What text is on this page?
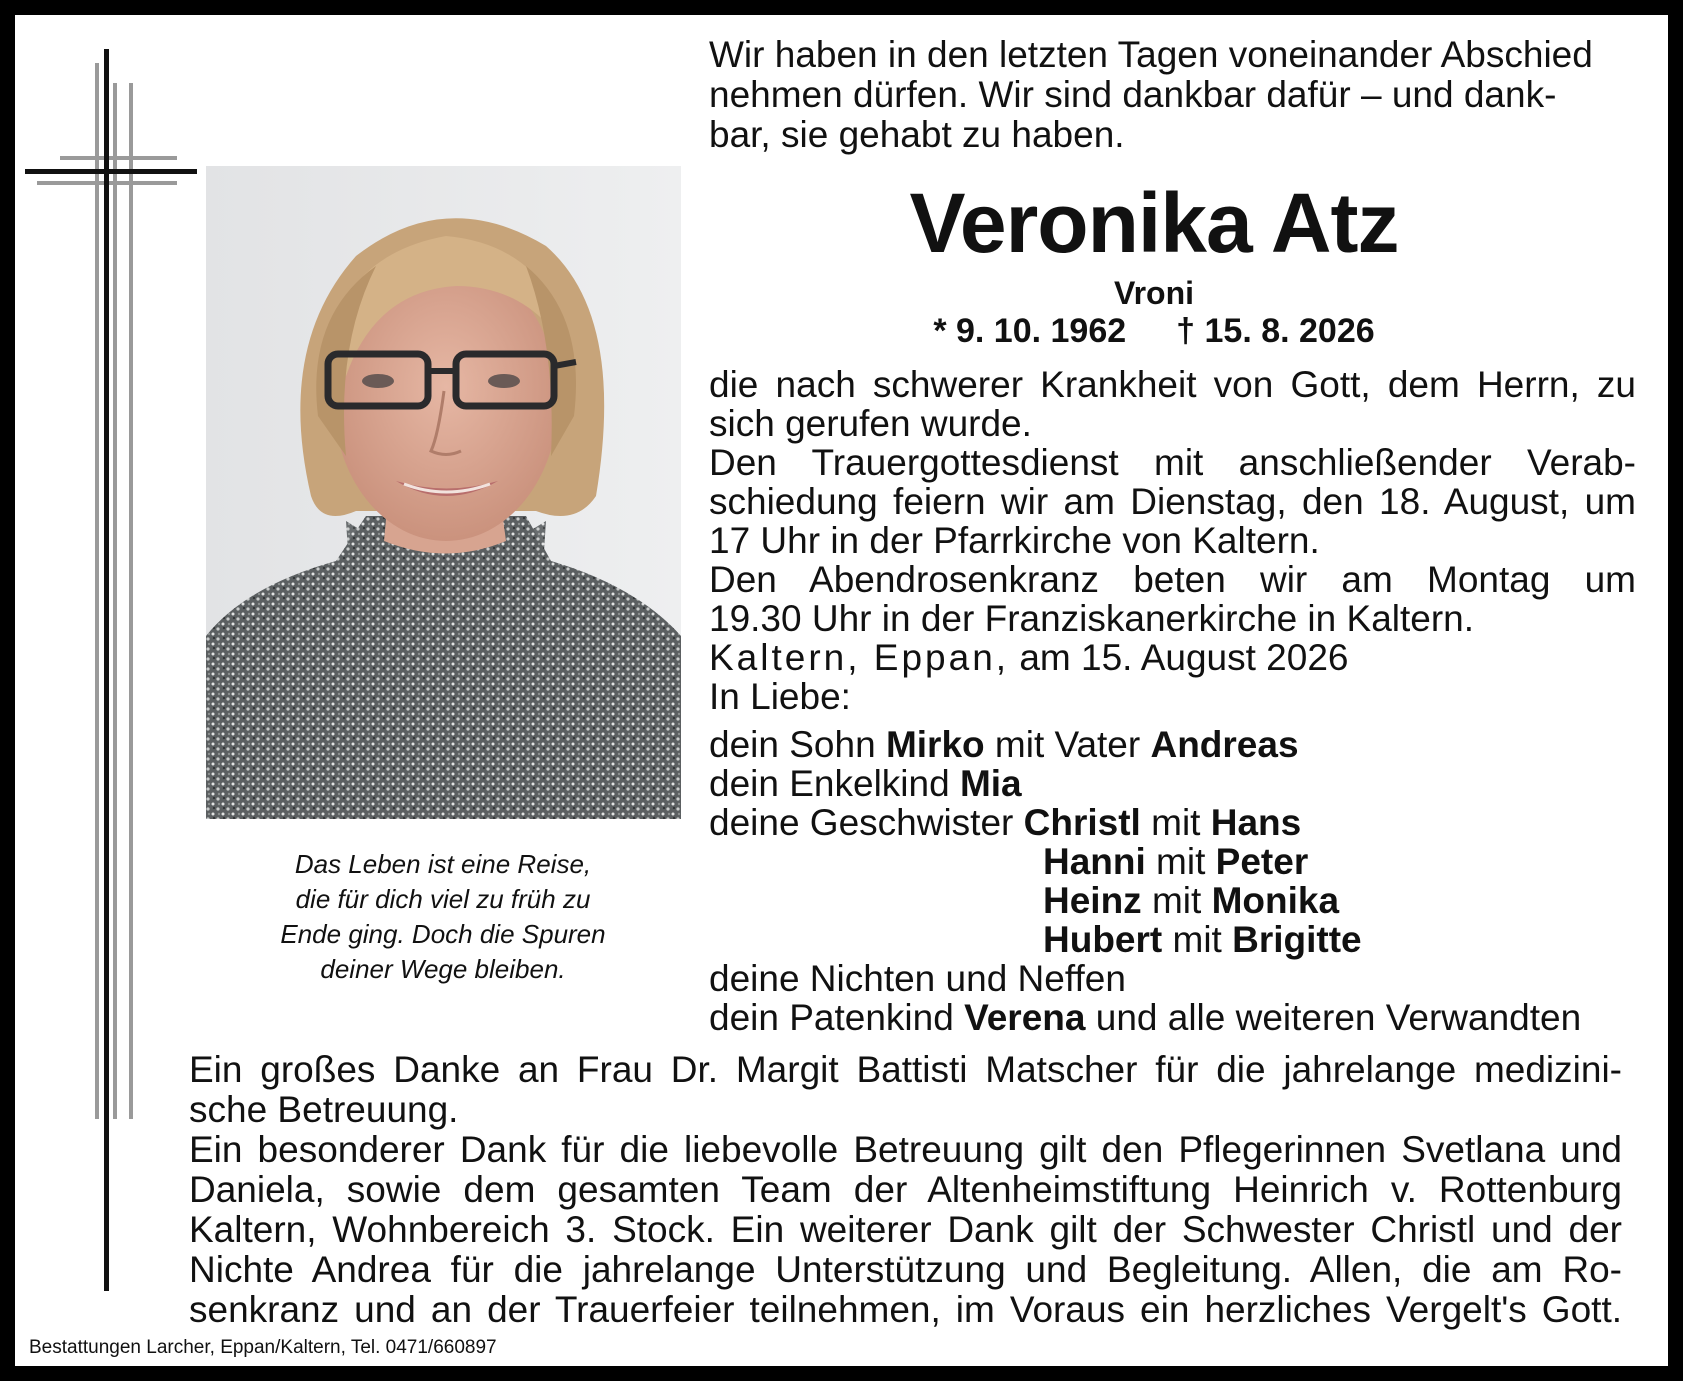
Wir haben in den letzten Tagen voneinander Abschied
nehmen dürfen. Wir sind dankbar dafür – und dank-
bar, sie gehabt zu haben.
Veronika Atz
Vroni
* 9. 10. 1962 † 15. 8. 2026
die nach schwerer Krankheit von Gott, dem Herrn, zu
sich gerufen wurde.
Den Trauergottesdienst mit anschließender Verab-
schiedung feiern wir am Dienstag, den 18. August, um
17 Uhr in der Pfarrkirche von Kaltern.
Den Abendrosenkranz beten wir am Montag um
19.30 Uhr in der Franziskanerkirche in Kaltern.
Kaltern, Eppan, am 15. August 2026
In Liebe:
dein Sohn Mirko mit Vater Andreas
dein Enkelkind Mia
deine Geschwister Christl mit Hans
Hanni mit Peter
Heinz mit Monika
Hubert mit Brigitte
deine Nichten und Neffen
dein Patenkind Verena und alle weiteren Verwandten
Ein großes Danke an Frau Dr. Margit Battisti Matscher für die jahrelange medizini-
sche Betreuung.
Ein besonderer Dank für die liebevolle Betreuung gilt den Pflegerinnen Svetlana und
Daniela, sowie dem gesamten Team der Altenheimstiftung Heinrich v. Rottenburg
Kaltern, Wohnbereich 3. Stock. Ein weiterer Dank gilt der Schwester Christl und der
Nichte Andrea für die jahrelange Unterstützung und Begleitung. Allen, die am Ro-
senkranz und an der Trauerfeier teilnehmen, im Voraus ein herzliches Vergelt's Gott.
Das Leben ist eine Reise,
die für dich viel zu früh zu
Ende ging. Doch die Spuren
deiner Wege bleiben.
Bestattungen Larcher, Eppan/Kaltern, Tel. 0471/660897
